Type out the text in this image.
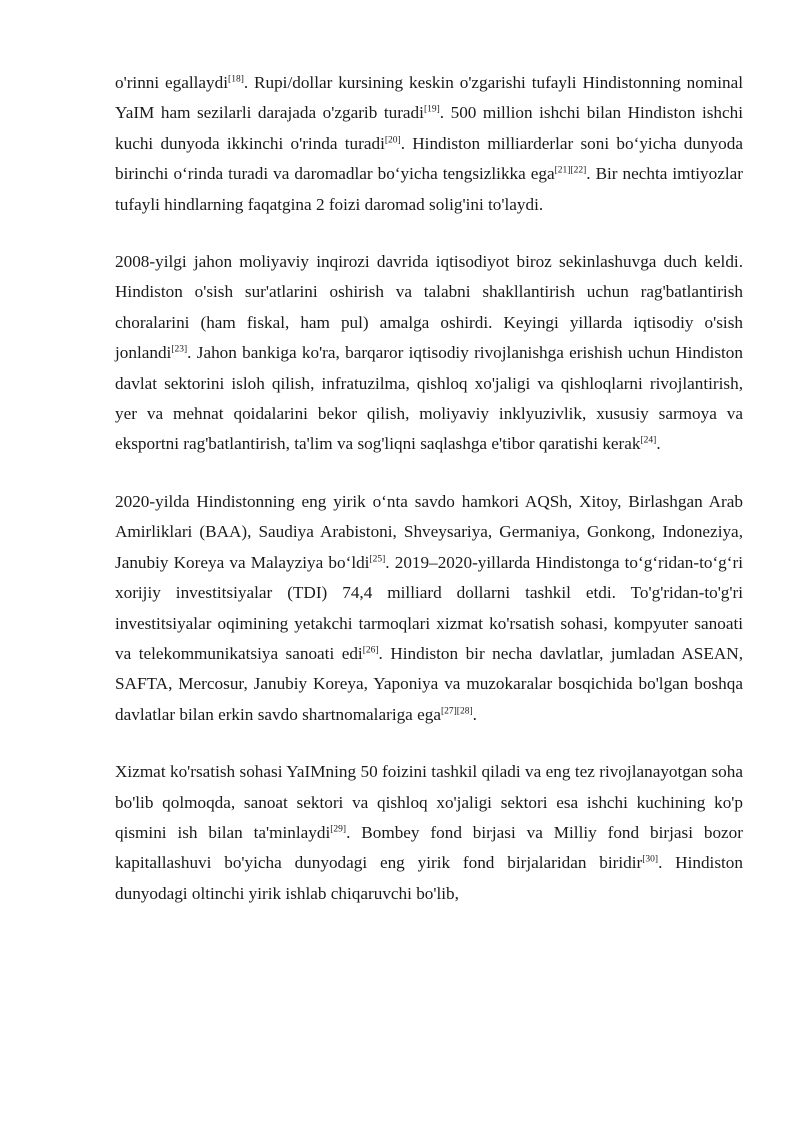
o'rinni egallaydi[18]. Rupi/dollar kursining keskin o'zgarishi tufayli Hindistonning nominal YaIM ham sezilarli darajada o'zgarib turadi[19]. 500 million ishchi bilan Hindiston ishchi kuchi dunyoda ikkinchi o'rinda turadi[20]. Hindiston milliarderlar soni boʻyicha dunyoda birinchi oʻrinda turadi va daromadlar boʻyicha tengsizlikka ega[21][22]. Bir nechta imtiyozlar tufayli hindlarning faqatgina 2 foizi daromad solig'ini to'laydi.

2008-yilgi jahon moliyaviy inqirozi davrida iqtisodiyot biroz sekinlashuvga duch keldi. Hindiston o'sish sur'atlarini oshirish va talabni shakllantirish uchun rag'batlantirish choralarini (ham fiskal, ham pul) amalga oshirdi. Keyingi yillarda iqtisodiy o'sish jonlandi[23]. Jahon bankiga ko'ra, barqaror iqtisodiy rivojlanishga erishish uchun Hindiston davlat sektorini isloh qilish, infratuzilma, qishloq xo'jaligi va qishloqlarni rivojlantirish, yer va mehnat qoidalarini bekor qilish, moliyaviy inklyuzivlik, xususiy sarmoya va eksportni rag'batlantirish, ta'lim va sog'liqni saqlashga e'tibor qaratishi kerak[24].

2020-yilda Hindistonning eng yirik oʻnta savdo hamkori AQSh, Xitoy, Birlashgan Arab Amirliklari (BAA), Saudiya Arabistoni, Shveysariya, Germaniya, Gonkong, Indoneziya, Janubiy Koreya va Malayziya boʻldi[25]. 2019–2020-yillarda Hindistonga toʻgʻridan-toʻgʻri xorijiy investitsiyalar (TDI) 74,4 milliard dollarni tashkil etdi. To'g'ridan-to'g'ri investitsiyalar oqimining yetakchi tarmoqlari xizmat ko'rsatish sohasi, kompyuter sanoati va telekommunikatsiya sanoati edi[26]. Hindiston bir necha davlatlar, jumladan ASEAN, SAFTA, Mercosur, Janubiy Koreya, Yaponiya va muzokaralar bosqichida bo'lgan boshqa davlatlar bilan erkin savdo shartnomalariga ega[27][28].

Xizmat ko'rsatish sohasi YaIMning 50 foizini tashkil qiladi va eng tez rivojlanayotgan soha bo'lib qolmoqda, sanoat sektori va qishloq xo'jaligi sektori esa ishchi kuchining ko'p qismini ish bilan ta'minlaydi[29]. Bombey fond birjasi va Milliy fond birjasi bozor kapitallashuvi bo'yicha dunyodagi eng yirik fond birjalaridan biridir[30]. Hindiston dunyodagi oltinchi yirik ishlab chiqaruvchi bo'lib,
